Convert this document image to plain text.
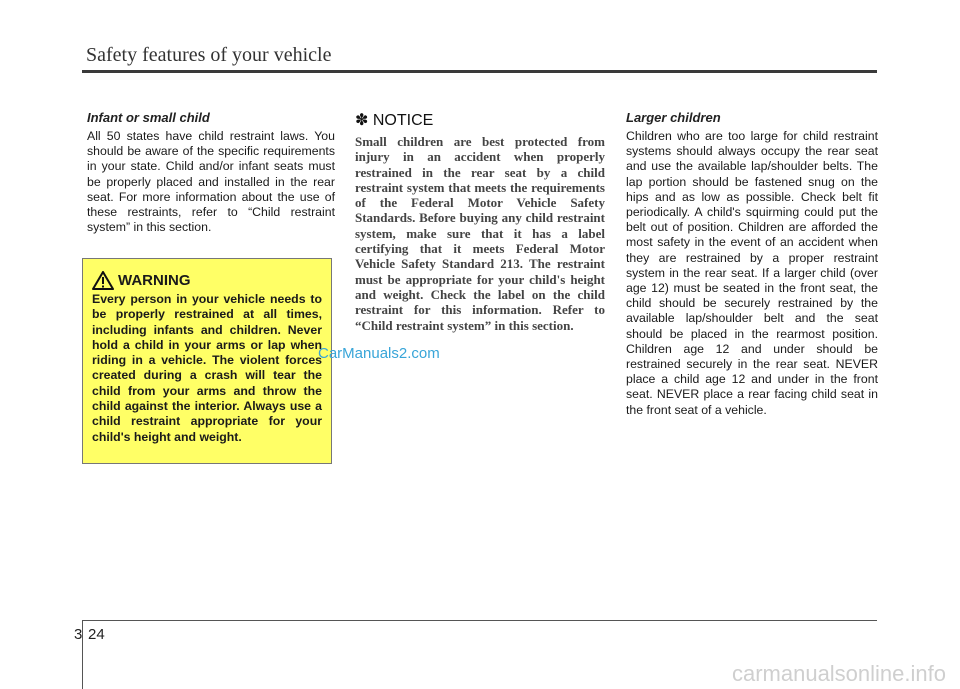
Safety features of your vehicle

Infant or small child

All 50 states have child restraint laws. You should be aware of the specific requirements in your state. Child and/or infant seats must be properly placed and installed in the rear seat. For more information about the use of these restraints, refer to “Child restraint system” in this section.

WARNING

Every person in your vehicle needs to be properly restrained at all times, including infants and children. Never hold a child in your arms or lap when riding in a vehicle. The violent forces created during a crash will tear the child from your arms and throw the child against the interior. Always use a child restraint appropriate for your child's height and weight.

✽ NOTICE

Small children are best protected from injury in an accident when properly restrained in the rear seat by a child restraint system that meets the requirements of the Federal Motor Vehicle Safety Standards. Before buying any child restraint system, make sure that it has a label certifying that it meets Federal Motor Vehicle Safety Standard 213. The restraint must be appropriate for your child's height and weight. Check the label on the child restraint for this information. Refer to “Child restraint system” in this section.

Larger children

Children who are too large for child restraint systems should always occupy the rear seat and use the available lap/shoulder belts. The lap portion should be fastened snug on the hips and as low as possible. Check belt fit periodically. A child's squirming could put the belt out of position. Children are afforded the most safety in the event of an accident when they are restrained by a proper restraint system in the rear seat. If a larger child (over age 12) must be seated in the front seat, the child should be securely restrained by the available lap/shoulder belt and the seat should be placed in the rearmost position. Children age 12 and under should be restrained securely in the rear seat. NEVER place a child age 12 and under in the front seat. NEVER place a rear facing child seat in the front seat of a vehicle.

CarManuals2.com
3 24
carmanualsonline.info
